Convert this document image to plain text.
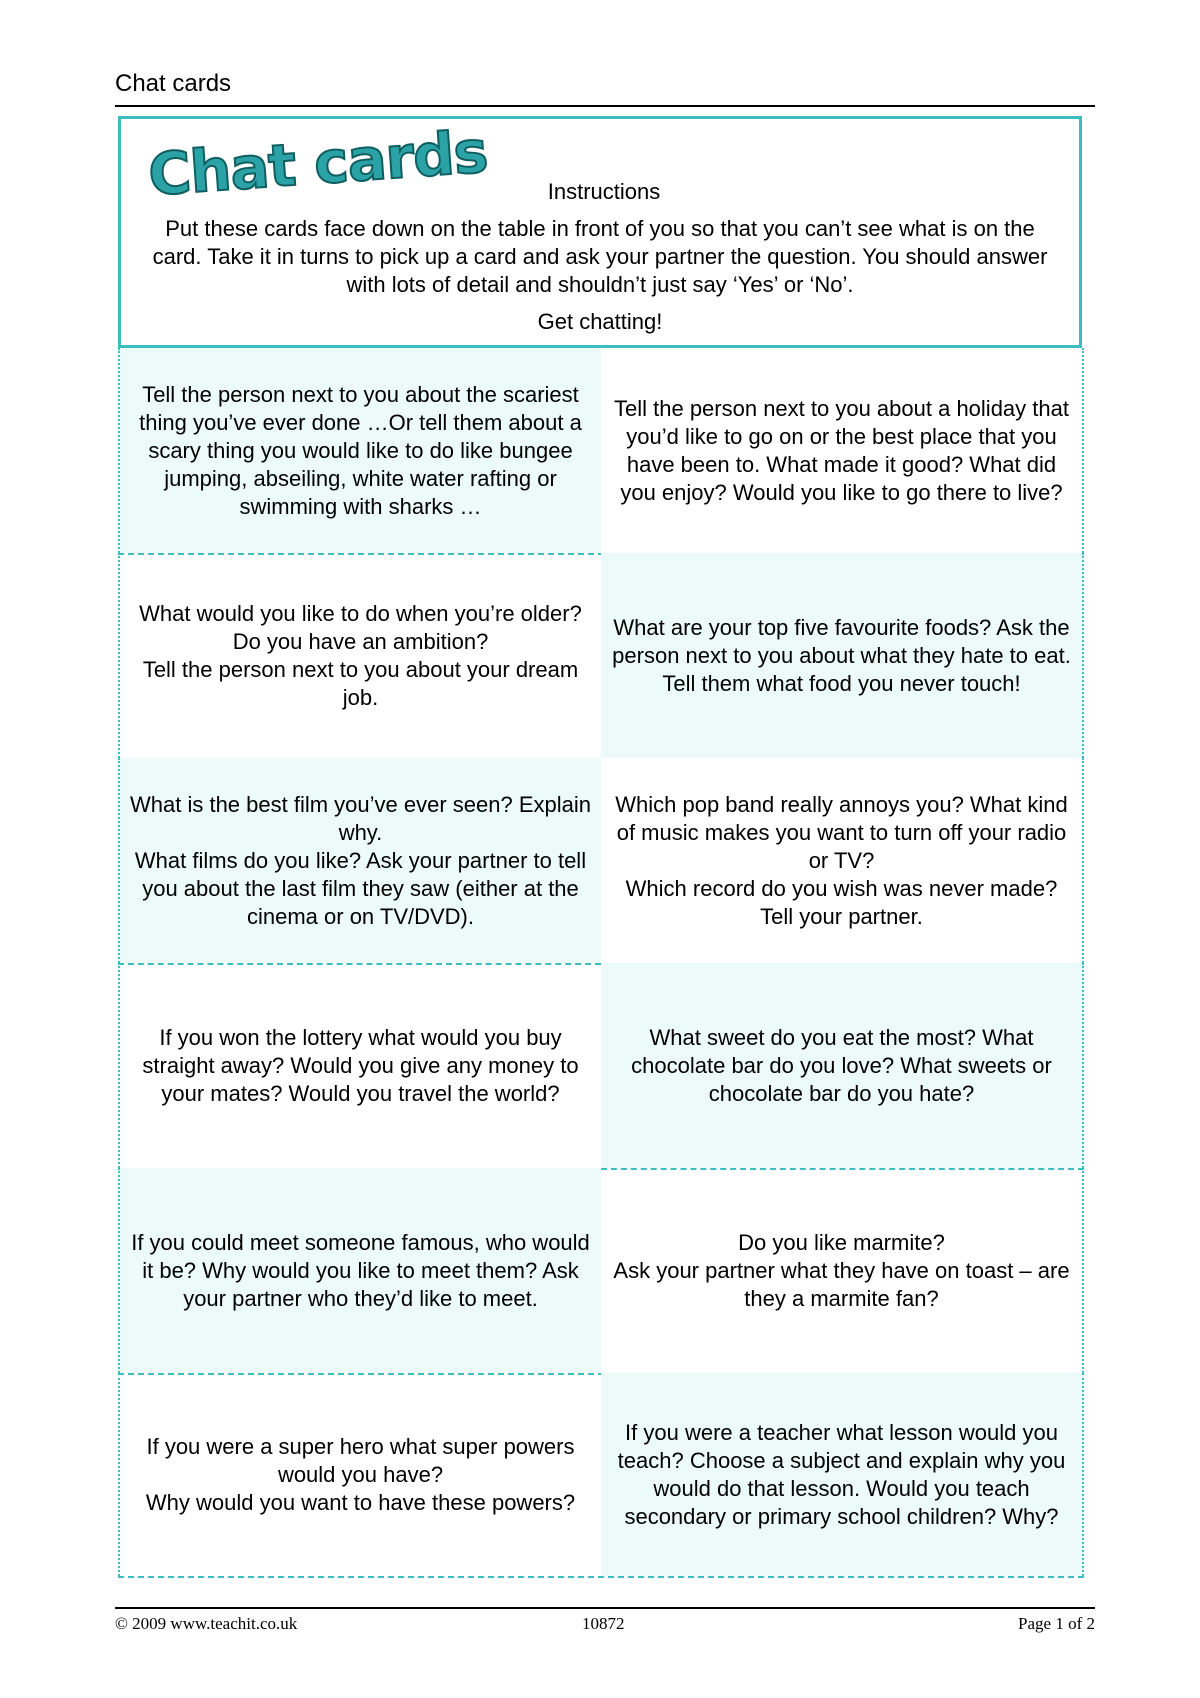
Chat cards
Chat cards	Instructions
Put these cards face down on the table in front of you so that you can’t see what is on the card. Take it in turns to pick up a card and ask your partner the question. You should answer with lots of detail and shouldn’t just say ‘Yes’ or ‘No’.
Get chatting!
Tell the person next to you about the scariest thing you’ve ever done …Or tell them about a scary thing you would like to do like bungee jumping, abseiling, white water rafting or swimming with sharks …
Tell the person next to you about a holiday that you’d like to go on or the best place that you have been to. What made it good? What did you enjoy? Would you like to go there to live?
What would you like to do when you’re older? Do you have an ambition?
Tell the person next to you about your dream job.
What are your top five favourite foods? Ask the person next to you about what they hate to eat.
Tell them what food you never touch!
What is the best film you’ve ever seen? Explain why.
What films do you like? Ask your partner to tell you about the last film they saw (either at the cinema or on TV/DVD).
Which pop band really annoys you? What kind of music makes you want to turn off your radio or TV?
Which record do you wish was never made? Tell your partner.
If you won the lottery what would you buy straight away? Would you give any money to your mates? Would you travel the world?
What sweet do you eat the most? What chocolate bar do you love? What sweets or chocolate bar do you hate?
If you could meet someone famous, who would it be? Why would you like to meet them? Ask your partner who they’d like to meet.
Do you like marmite?
Ask your partner what they have on toast – are they a marmite fan?
If you were a super hero what super powers would you have?
Why would you want to have these powers?
If you were a teacher what lesson would you teach? Choose a subject and explain why you would do that lesson. Would you teach secondary or primary school children? Why?
© 2009 www.teachit.co.uk	10872	Page 1 of 2
